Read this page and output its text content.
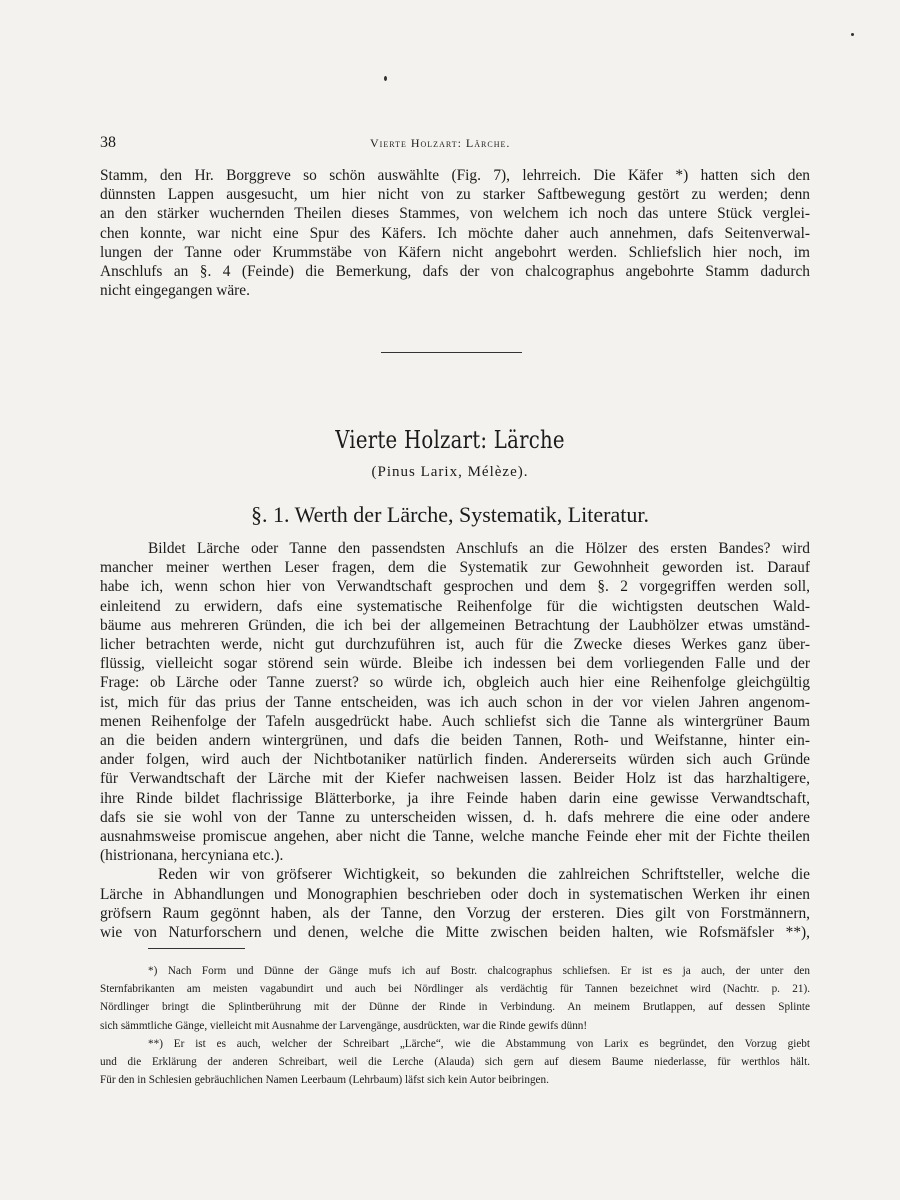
38	Vierte Holzart: Lärche.
Stamm, den Hr. Borggreve so schön auswählte (Fig. 7), lehrreich. Die Käfer *) hatten sich den
dünnsten Lappen ausgesucht, um hier nicht von zu starker Saftbewegung gestört zu werden; denn
an den stärker wuchernden Theilen dieses Stammes, von welchem ich noch das untere Stück verglei-
chen konnte, war nicht eine Spur des Käfers. Ich möchte daher auch annehmen, dafs Seitenverwal-
lungen der Tanne oder Krummstäbe von Käfern nicht angebohrt werden. Schliefslich hier noch, im
Anschlufs an §. 4 (Feinde) die Bemerkung, dafs der von chalcographus angebohrte Stamm dadurch
nicht eingegangen wäre.
Vierte Holzart: Lärche
(Pinus Larix, Mélèze).
§. 1. Werth der Lärche, Systematik, Literatur.
Bildet Lärche oder Tanne den passendsten Anschlufs an die Hölzer des ersten Bandes? wird
mancher meiner werthen Leser fragen, dem die Systematik zur Gewohnheit geworden ist. Darauf
habe ich, wenn schon hier von Verwandtschaft gesprochen und dem §. 2 vorgegriffen werden soll,
einleitend zu erwidern, dafs eine systematische Reihenfolge für die wichtigsten deutschen Wald-
bäume aus mehreren Gründen, die ich bei der allgemeinen Betrachtung der Laubhölzer etwas umständ-
licher betrachten werde, nicht gut durchzuführen ist, auch für die Zwecke dieses Werkes ganz über-
flüssig, vielleicht sogar störend sein würde. Bleibe ich indessen bei dem vorliegenden Falle und der
Frage: ob Lärche oder Tanne zuerst? so würde ich, obgleich auch hier eine Reihenfolge gleichgültig
ist, mich für das prius der Tanne entscheiden, was ich auch schon in der vor vielen Jahren angenom-
menen Reihenfolge der Tafeln ausgedrückt habe. Auch schliefst sich die Tanne als wintergrüner Baum
an die beiden andern wintergrünen, und dafs die beiden Tannen, Roth- und Weifstanne, hinter ein-
ander folgen, wird auch der Nichtbotaniker natürlich finden. Andererseits würden sich auch Gründe
für Verwandtschaft der Lärche mit der Kiefer nachweisen lassen. Beider Holz ist das harzhaltigere,
ihre Rinde bildet flachrissige Blätterborke, ja ihre Feinde haben darin eine gewisse Verwandtschaft,
dafs sie sie wohl von der Tanne zu unterscheiden wissen, d. h. dafs mehrere die eine oder andere
ausnahmsweise promiscue angehen, aber nicht die Tanne, welche manche Feinde eher mit der Fichte theilen
(histrionana, hercyniana etc.).
Reden wir von gröfserer Wichtigkeit, so bekunden die zahlreichen Schriftsteller, welche die
Lärche in Abhandlungen und Monographien beschrieben oder doch in systematischen Werken ihr einen
gröfsern Raum gegönnt haben, als der Tanne, den Vorzug der ersteren. Dies gilt von Forstmännern,
wie von Naturforschern und denen, welche die Mitte zwischen beiden halten, wie Rofsmäfsler **),
*) Nach Form und Dünne der Gänge mufs ich auf Bostr. chalcographus schliefsen. Er ist es ja auch, der unter den
Sternfabrikanten am meisten vagabundirt und auch bei Nördlinger als verdächtig für Tannen bezeichnet wird (Nachtr. p. 21).
Nördlinger bringt die Splintberührung mit der Dünne der Rinde in Verbindung. An meinem Brutlappen, auf dessen Splinte
sich sämmtliche Gänge, vielleicht mit Ausnahme der Larvengänge, ausdrückten, war die Rinde gewifs dünn!
**) Er ist es auch, welcher der Schreibart „Lärche“, wie die Abstammung von Larix es begründet, den Vorzug giebt
und die Erklärung der anderen Schreibart, weil die Lerche (Alauda) sich gern auf diesem Baume niederlasse, für werthlos hält.
Für den in Schlesien gebräuchlichen Namen Leerbaum (Lehrbaum) läfst sich kein Autor beibringen.
